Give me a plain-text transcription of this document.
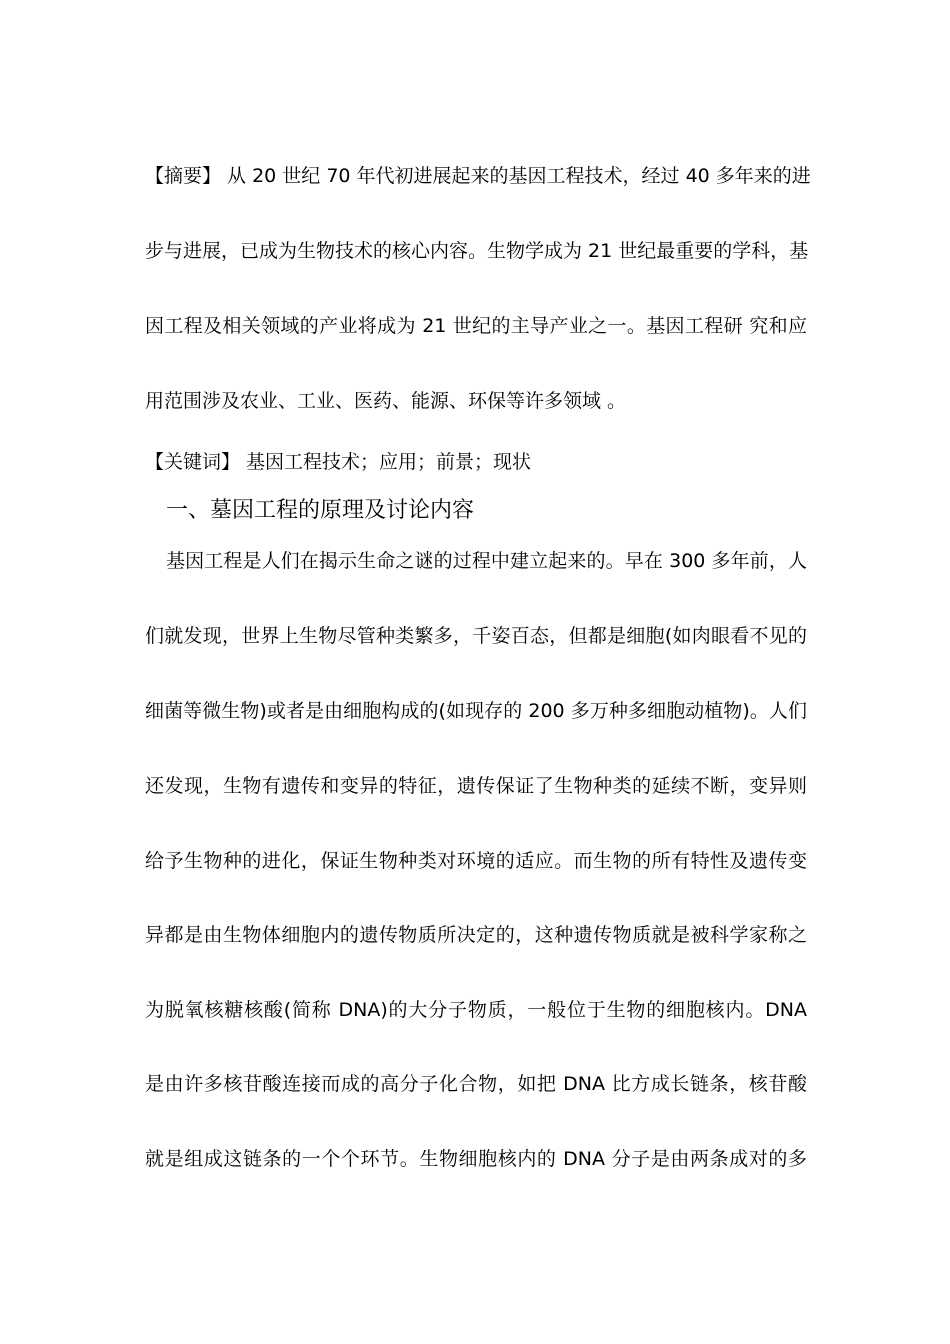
【摘要】 从 20 世纪 70 年代初进展起来的基因工程技术，经过 40 多年来的进
步与进展，已成为生物技术的核心内容。生物学成为 21 世纪最重要的学科，基
因工程及相关领域的产业将成为 21 世纪的主导产业之一。基因工程研 究和应
用范围涉及农业、工业、医药、能源、环保等许多领域 。
【关键词】 基因工程技术；应用；前景；现状
一、墓因工程的原理及讨论内容
基因工程是人们在揭示生命之谜的过程中建立起来的。早在 300 多年前，人
们就发现，世界上生物尽管种类繁多，千姿百态，但都是细胞(如肉眼看不见的
细菌等微生物)或者是由细胞构成的(如现存的 200 多万种多细胞动植物)。人们
还发现，生物有遗传和变异的特征，遗传保证了生物种类的延续不断，变异则
给予生物种的进化，保证生物种类对环境的适应。而生物的所有特性及遗传变
异都是由生物体细胞内的遗传物质所决定的，这种遗传物质就是被科学家称之
为脱氧核糖核酸(简称 DNA)的大分子物质，一般位于生物的细胞核内。DNA
是由许多核苷酸连接而成的高分子化合物，如把 DNA 比方成长链条，核苷酸
就是组成这链条的一个个环节。生物细胞核内的 DNA 分子是由两条成对的多
